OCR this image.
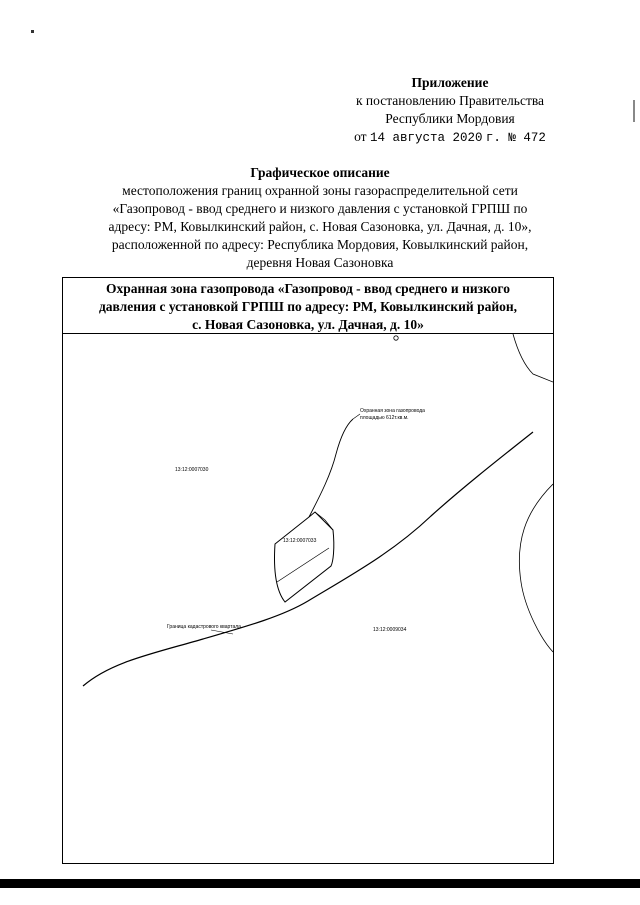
Приложение
к постановлению Правительства
Республики Мордовия
от 14 августа 2020 г. № 472
Графическое описание
местоположения границ охранной зоны газораспределительной сети
«Газопровод - ввод среднего и низкого давления с установкой ГРПШ по
адресу: РМ, Ковылкинский район, с. Новая Сазоновка, ул. Дачная, д. 10»,
расположенной по адресу: Республика Мордовия, Ковылкинский район,
деревня Новая Сазоновка
Охранная зона газопровода «Газопровод - ввод среднего и низкого
давления с установкой ГРПШ по адресу: РМ, Ковылкинский район,
с. Новая Сазоновка, ул. Дачная, д. 10»
Охранная зона газопровода
площадью 612т.кв.м.
13:12:0007030
13:12:0007033
13:12:0009034
Граница кадастрового квартала
